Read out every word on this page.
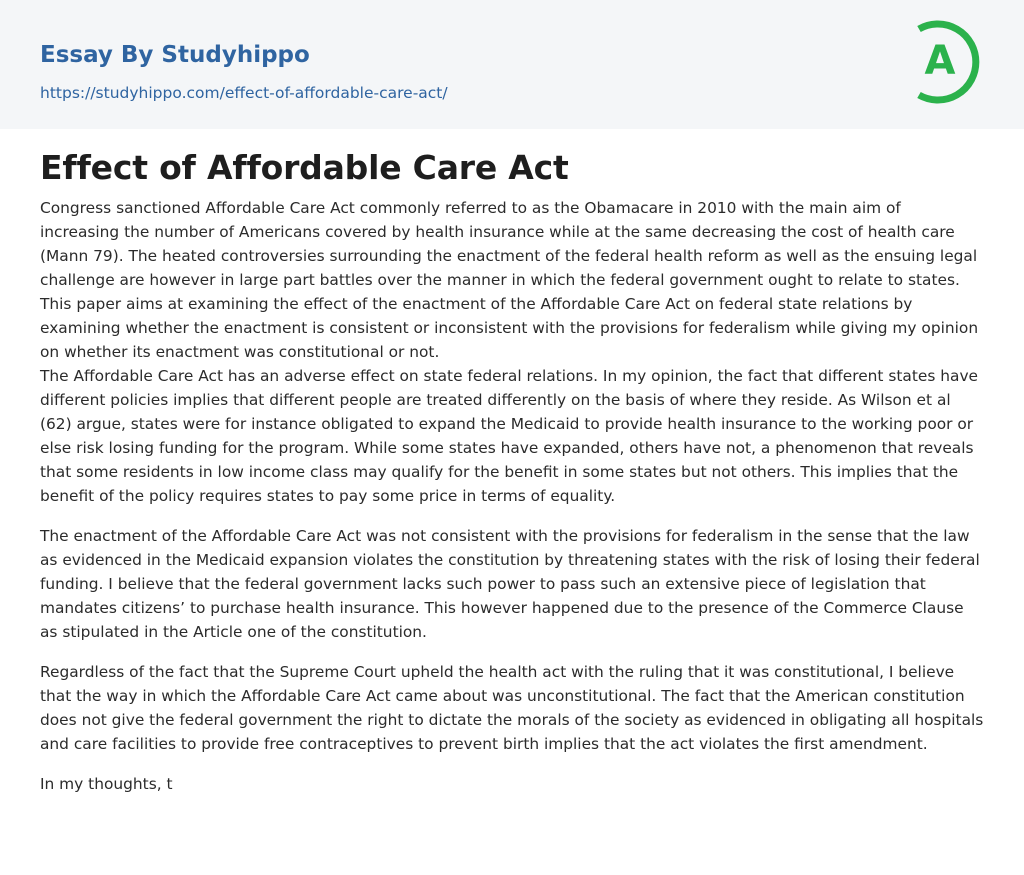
Essay By Studyhippo
https://studyhippo.com/effect-of-affordable-care-act/
A
Effect of Affordable Care Act

Congress sanctioned Affordable Care Act commonly referred to as the Obamacare in 2010 with the main aim of increasing the number of Americans covered by health insurance while at the same decreasing the cost of health care (Mann 79). The heated controversies surrounding the enactment of the federal health reform as well as the ensuing legal challenge are however in large part battles over the manner in which the federal government ought to relate to states. This paper aims at examining the effect of the enactment of the Affordable Care Act on federal state relations by examining whether the enactment is consistent or inconsistent with the provisions for federalism while giving my opinion on whether its enactment was constitutional or not.

The Affordable Care Act has an adverse effect on state federal relations. In my opinion, the fact that different states have different policies implies that different people are treated differently on the basis of where they reside. As Wilson et al (62) argue, states were for instance obligated to expand the Medicaid to provide health insurance to the working poor or else risk losing funding for the program. While some states have expanded, others have not, a phenomenon that reveals that some residents in low income class may qualify for the benefit in some states but not others. This implies that the benefit of the policy requires states to pay some price in terms of equality.

The enactment of the Affordable Care Act was not consistent with the provisions for federalism in the sense that the law as evidenced in the Medicaid expansion violates the constitution by threatening states with the risk of losing their federal funding. I believe that the federal government lacks such power to pass such an extensive piece of legislation that mandates citizens’ to purchase health insurance. This however happened due to the presence of the Commerce Clause as stipulated in the Article one of the constitution.

Regardless of the fact that the Supreme Court upheld the health act with the ruling that it was constitutional, I believe that the way in which the Affordable Care Act came about was unconstitutional. The fact that the American constitution does not give the federal government the right to dictate the morals of the society as evidenced in obligating all hospitals and care facilities to provide free contraceptives to prevent birth implies that the act violates the first amendment.

In my thoughts, t
